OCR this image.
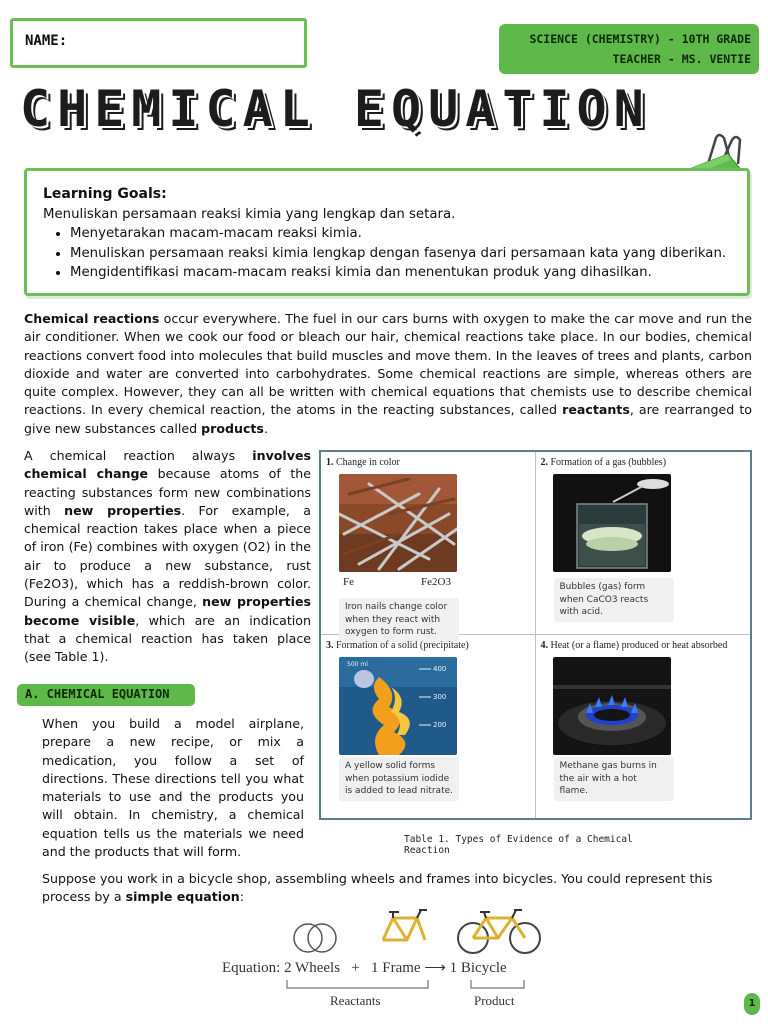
NAME:	SCIENCE (CHEMISTRY) - 10TH GRADE
TEACHER - MS. VENTIE
CHEMICAL EQUATION
Learning Goals:
Menuliskan persamaan reaksi kimia yang lengkap dan setara.
• Menyetarakan macam-macam reaksi kimia.
• Menuliskan persamaan reaksi kimia lengkap dengan fasenya dari persamaan kata yang diberikan.
• Mengidentifikasi macam-macam reaksi kimia dan menentukan produk yang dihasilkan.

Chemical reactions occur everywhere. The fuel in our cars burns with oxygen to make the car move and run the air conditioner. When we cook our food or bleach our hair, chemical reactions take place. In our bodies, chemical reactions convert food into molecules that build muscles and move them. In the leaves of trees and plants, carbon dioxide and water are converted into carbohydrates. Some chemical reactions are simple, whereas others are quite complex. However, they can all be written with chemical equations that chemists use to describe chemical reactions. In every chemical reaction, the atoms in the reacting substances, called reactants, are rearranged to give new substances called products.

A chemical reaction always involves chemical change because atoms of the reacting substances form new combinations with new properties. For example, a chemical reaction takes place when a piece of iron (Fe) combines with oxygen (O2) in the air to produce a new substance, rust (Fe2O3), which has a reddish-brown color. During a chemical change, new properties become visible, which are an indication that a chemical reaction has taken place (see Table 1).

1. Change in color
Fe	Fe2O3
Iron nails change color when they react with oxygen to form rust.
2. Formation of a gas (bubbles)
Bubbles (gas) form when CaCO3 reacts with acid.
3. Formation of a solid (precipitate)
500 ml
400
300
200
A yellow solid forms when potassium iodide is added to lead nitrate.
4. Heat (or a flame) produced or heat absorbed
Methane gas burns in the air with a hot flame.
Table 1. Types of Evidence of a Chemical Reaction
A. CHEMICAL EQUATION

When you build a model airplane, prepare a new recipe, or mix a medication, you follow a set of directions. These directions tell you what materials to use and the products you will obtain. In chemistry, a chemical equation tells us the materials we need and the products that will form.

Suppose you work in a bicycle shop, assembling wheels and frames into bicycles. You could represent this process by a simple equation:

Equation: 2 Wheels + 1 Frame ⟶ 1 Bicycle
Reactants	Product	1
